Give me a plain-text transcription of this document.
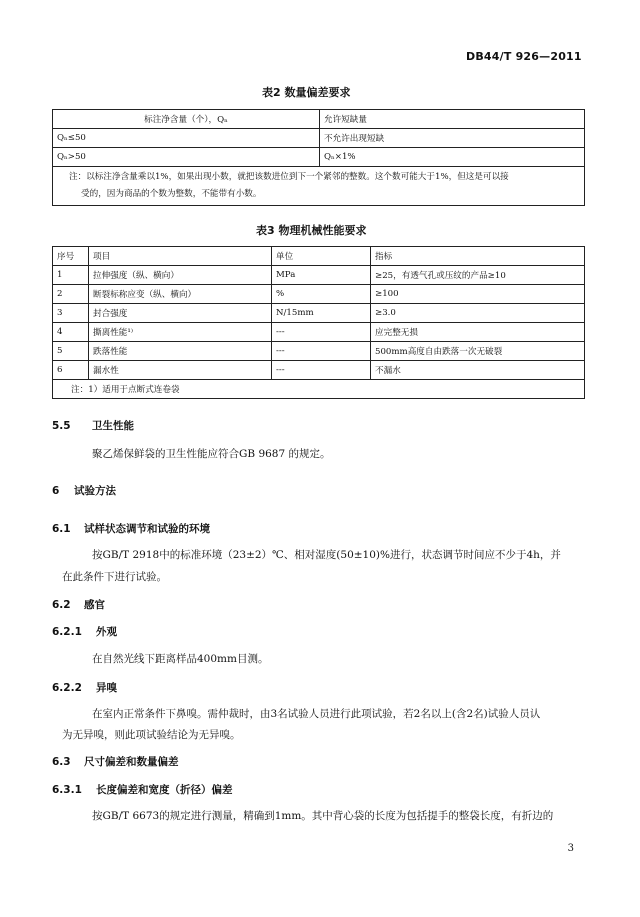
DB44/T 926—2011
表2 数量偏差要求
标注净含量（个），Qₙ	允许短缺量
Qₙ≤50	不允许出现短缺
Qₙ>50	Qₙ×1%

注：以标注净含量乘以1%，如果出现小数，就把该数进位到下一个紧邻的整数。这个数可能大于1%，但这是可以接
受的，因为商品的个数为整数，不能带有小数。	
表3 物理机械性能要求
序号	项目	单位	指标
1	拉伸强度（纵、横向）	MPa	≥25，有透气孔或压纹的产品≥10
2	断裂标称应变（纵、横向）	%	≥100
3	封合强度	N/15mm	≥3.0
4	撕离性能¹⁾	---	应完整无损
5	跌落性能	---	500mm高度自由跌落一次无破裂
6	漏水性	---	不漏水
注：1）适用于点断式连卷袋			
5.5 卫生性能
聚乙烯保鲜袋的卫生性能应符合GB 9687 的规定。
6 试验方法
6.1 试样状态调节和试验的环境
按GB/T 2918中的标准环境（23±2）℃、相对湿度(50±10)%进行，状态调节时间应不少于4h，并
在此条件下进行试验。
6.2 感官
6.2.1 外观
在自然光线下距离样品400mm目测。
6.2.2 异嗅
在室内正常条件下鼻嗅。需仲裁时，由3名试验人员进行此项试验，若2名以上(含2名)试验人员认
为无异嗅，则此项试验结论为无异嗅。
6.3 尺寸偏差和数量偏差
6.3.1 长度偏差和宽度（折径）偏差
按GB/T 6673的规定进行测量，精确到1mm。其中背心袋的长度为包括提手的整袋长度，有折边的
3
